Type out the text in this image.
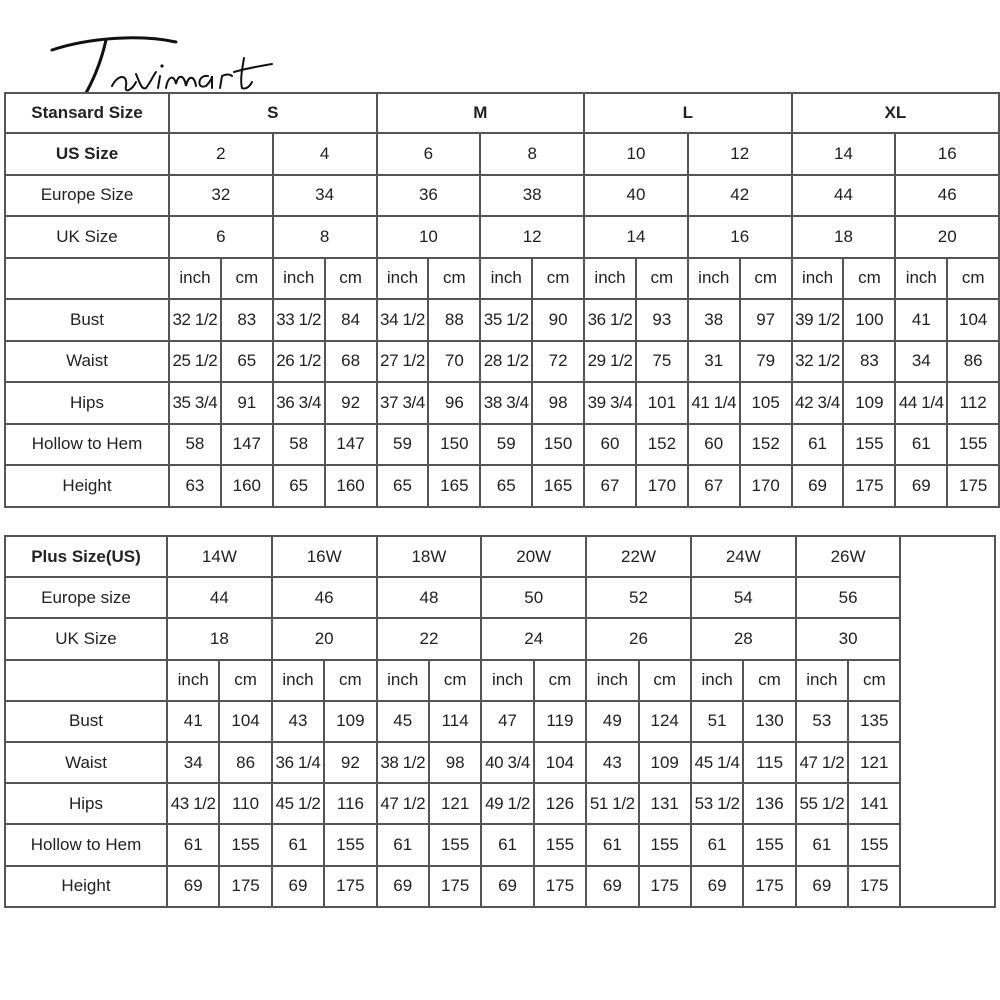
Stansard Size	S				M				L				XL			
US Size	2		4		6		8		10		12		14		16	
Europe Size	32		34		36		38		40		42		44		46	
UK Size	6		8		10		12		14		16		18		20	
	inch	cm	inch	cm	inch	cm	inch	cm	inch	cm	inch	cm	inch	cm	inch	cm
Bust	32 1/2	83	33 1/2	84	34 1/2	88	35 1/2	90	36 1/2	93	38	97	39 1/2	100	41	104
Waist	25 1/2	65	26 1/2	68	27 1/2	70	28 1/2	72	29 1/2	75	31	79	32 1/2	83	34	86
Hips	35 3/4	91	36 3/4	92	37 3/4	96	38 3/4	98	39 3/4	101	41 1/4	105	42 3/4	109	44 1/4	112
Hollow to Hem	58	147	58	147	59	150	59	150	60	152	60	152	61	155	61	155
Height	63	160	65	160	65	165	65	165	67	170	67	170	69	175	69	175
Plus Size(US)	14W		16W		18W		20W		22W		24W		26W	
Europe size	44		46		48		50		52		54		56	
UK Size	18		20		22		24		26		28		30	
	inch	cm	inch	cm	inch	cm	inch	cm	inch	cm	inch	cm	inch	cm
Bust	41	104	43	109	45	114	47	119	49	124	51	130	53	135
Waist	34	86	36 1/4	92	38 1/2	98	40 3/4	104	43	109	45 1/4	115	47 1/2	121
Hips	43 1/2	110	45 1/2	116	47 1/2	121	49 1/2	126	51 1/2	131	53 1/2	136	55 1/2	141
Hollow to Hem	61	155	61	155	61	155	61	155	61	155	61	155	61	155
Height	69	175	69	175	69	175	69	175	69	175	69	175	69	175
